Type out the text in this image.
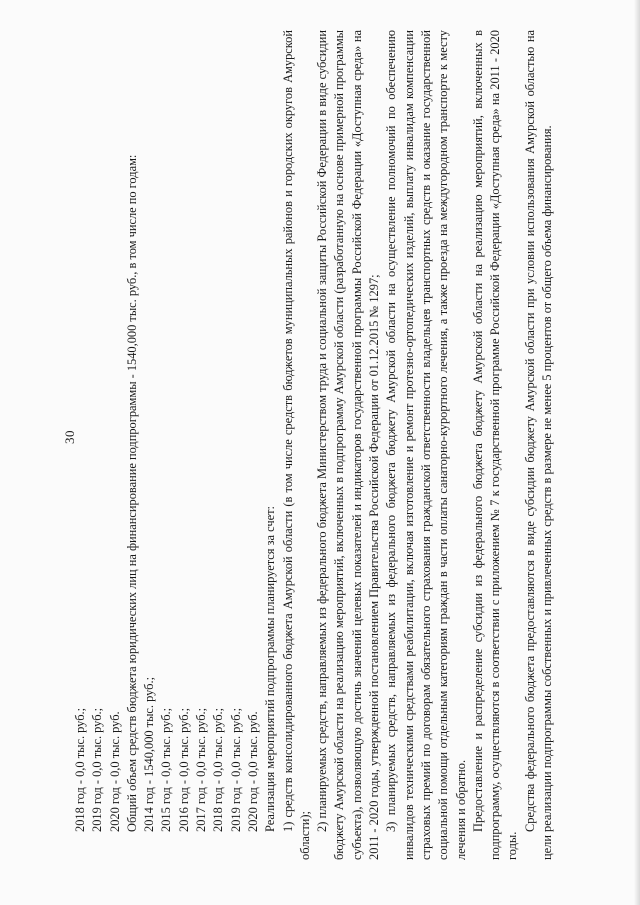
30
2018 год - 0,0 тыс. руб.; 2019 год - 0,0 тыс. руб.; 2020 год - 0,0 тыс. руб. Общий объем средств бюджета юридических лиц на финансирование подпрограммы - 1540,000 тыс. руб., в том числе по годам: 2014 год - 1540,000 тыс. руб.; 2015 год - 0,0 тыс. руб.; 2016 год - 0,0 тыс. руб.; 2017 год - 0,0 тыс. руб.; 2018 год - 0,0 тыс. руб.; 2019 год - 0,0 тыс. руб.; 2020 год - 0,0 тыс. руб. Реализация мероприятий подпрограммы планируется за счет: 1) средств консолидированного бюджета Амурской области (в том числе средств бюджетов муниципальных районов и городских округов Амурской области);

2) планируемых средств, направляемых из федерального бюджета Министерством труда и социальной защиты Российской Федерации в виде субсидии бюджету Амурской области на реализацию мероприятий, включенных в подпрограмму Амурской области (разработанную на основе примерной программы субъекта), позволяющую достичь значений целевых показателей и индикаторов государственной программы Российской Федерации «Доступная среда» на 2011 - 2020 годы, утвержденной постановлением Правительства Российской Федерации от 01.12.2015 № 1297; 3) планируемых средств, направляемых из федерального бюджета бюджету Амурской области на осуществление полномочий по обеспечению инвалидов техническими средствами реабилитации, включая изготовление и ремонт протезно-ортопедических изделий, выплату инвалидам компенсации страховых премий по договорам обязательного страхования гражданской ответственности владельцев транспортных средств и оказание государственной социальной помощи отдельным категориям граждан в части оплаты санаторно-курортного лечения, а также проезда на междугородном транспорте к месту лечения и обратно. Предоставление и распределение субсидии из федерального бюджета бюджету Амурской области на реализацию мероприятий, включенных в подпрограмму, осуществляются в соответствии с приложением № 7 к государственной программе Российской Федерации «Доступная среда» на 2011 - 2020 годы.

Средства федерального бюджета предоставляются в виде субсидии бюджету Амурской области при условии использования Амурской областью на цели реализации подпрограммы собственных и привлеченных средств в размере не менее 5 процентов от общего объема финансирования.
